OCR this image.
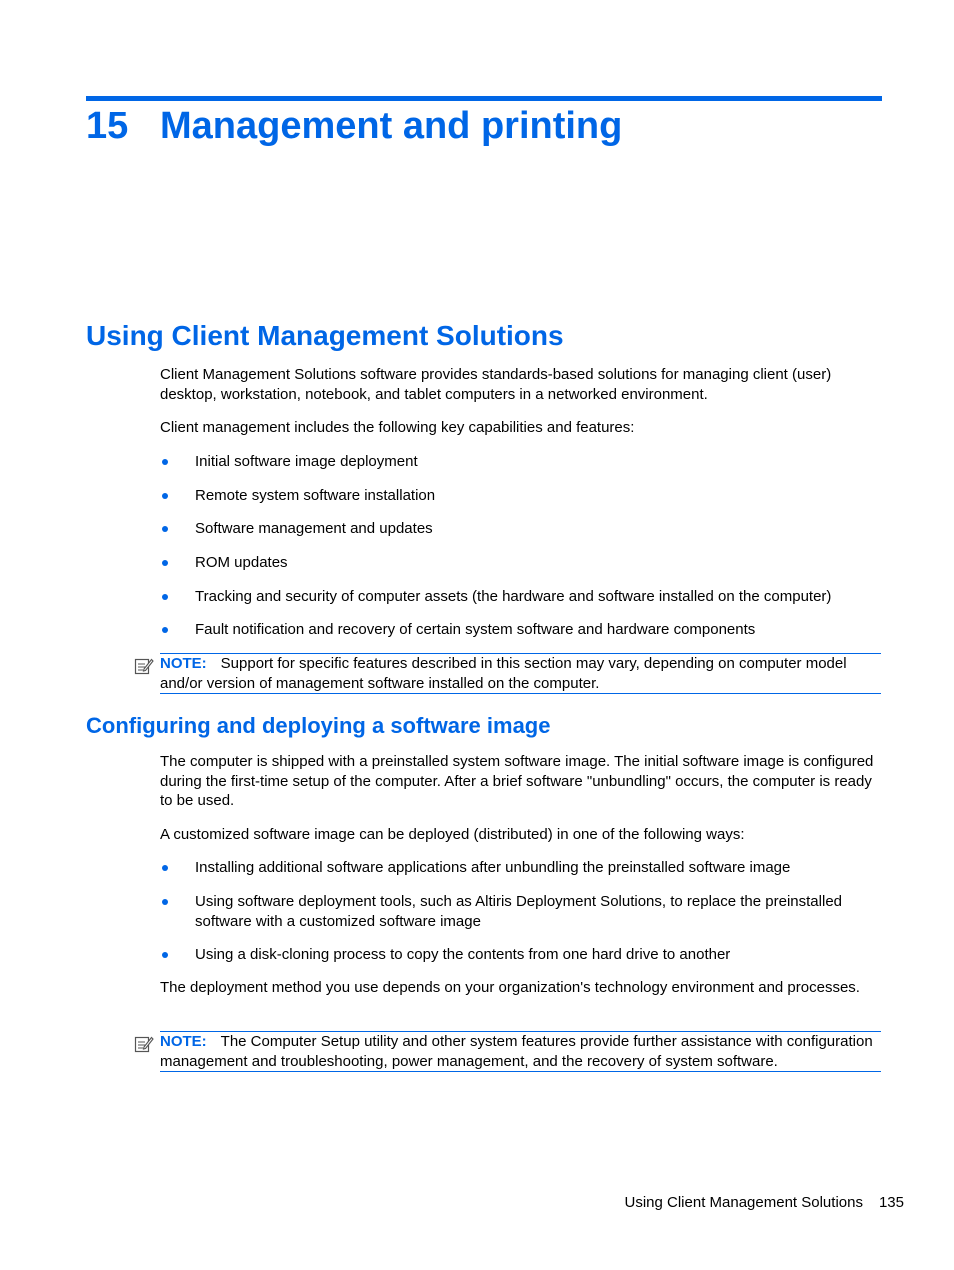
15 Management and printing
Using Client Management Solutions

Client Management Solutions software provides standards-based solutions for managing client (user) desktop, workstation, notebook, and tablet computers in a networked environment.

Client management includes the following key capabilities and features:

Initial software image deployment
Remote system software installation
Software management and updates
ROM updates
Tracking and security of computer assets (the hardware and software installed on the computer)
Fault notification and recovery of certain system software and hardware components

NOTE: Support for specific features described in this section may vary, depending on computer model and/or version of management software installed on the computer.

Configuring and deploying a software image

The computer is shipped with a preinstalled system software image. The initial software image is configured during the first-time setup of the computer. After a brief software "unbundling" occurs, the computer is ready to be used.

A customized software image can be deployed (distributed) in one of the following ways:

Installing additional software applications after unbundling the preinstalled software image
Using software deployment tools, such as Altiris Deployment Solutions, to replace the preinstalled software with a customized software image
Using a disk-cloning process to copy the contents from one hard drive to another

The deployment method you use depends on your organization's technology environment and processes.

NOTE: The Computer Setup utility and other system features provide further assistance with configuration management and troubleshooting, power management, and the recovery of system software.

Using Client Management Solutions 135
